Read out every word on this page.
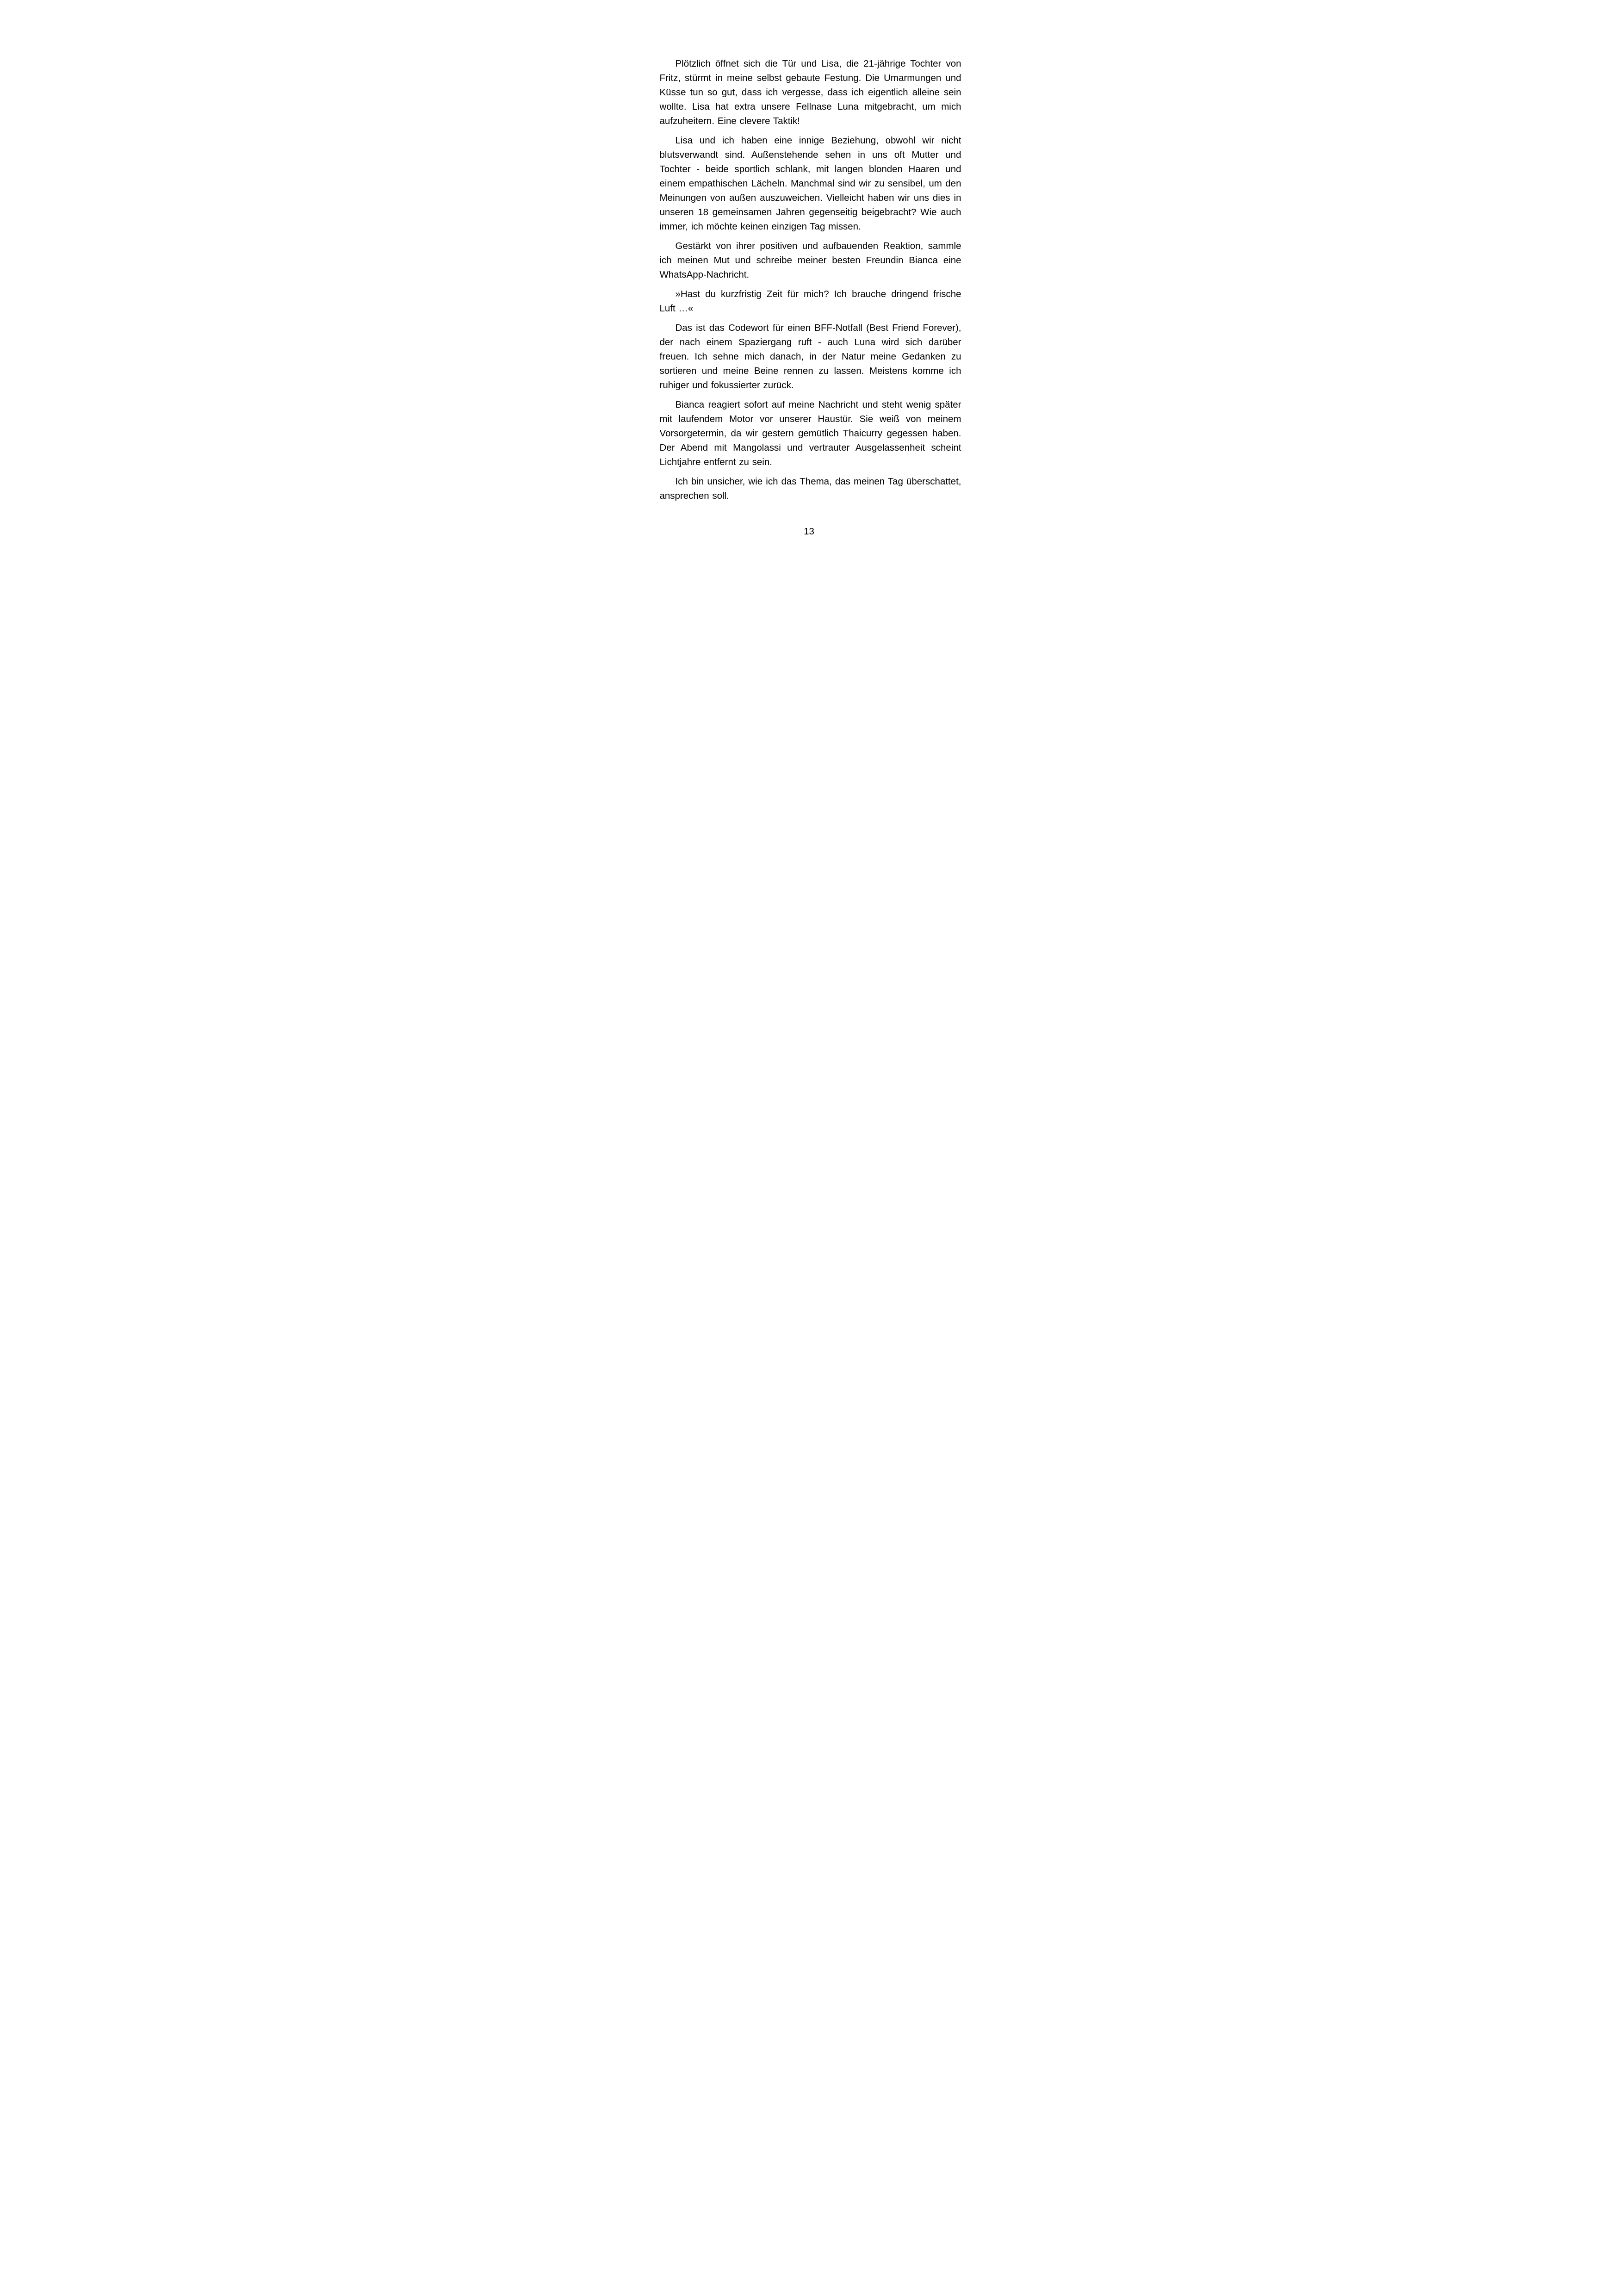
Plötzlich öffnet sich die Tür und Lisa, die 21-jährige Tochter von Fritz, stürmt in meine selbst gebaute Festung. Die Umarmungen und Küsse tun so gut, dass ich vergesse, dass ich eigentlich alleine sein wollte. Lisa hat extra unsere Fellnase Luna mitgebracht, um mich aufzuheitern. Eine clevere Taktik!

Lisa und ich haben eine innige Beziehung, obwohl wir nicht blutsverwandt sind. Außenstehende sehen in uns oft Mutter und Tochter - beide sportlich schlank, mit langen blonden Haaren und einem empathischen Lächeln. Manchmal sind wir zu sensibel, um den Meinungen von außen auszuweichen. Vielleicht haben wir uns dies in unseren 18 gemeinsamen Jahren gegenseitig beigebracht? Wie auch immer, ich möchte keinen einzigen Tag missen.

Gestärkt von ihrer positiven und aufbauenden Reaktion, sammle ich meinen Mut und schreibe meiner besten Freundin Bianca eine WhatsApp-Nachricht.

»Hast du kurzfristig Zeit für mich? Ich brauche dringend frische Luft …«

Das ist das Codewort für einen BFF-Notfall (Best Friend Forever), der nach einem Spaziergang ruft - auch Luna wird sich darüber freuen. Ich sehne mich danach, in der Natur meine Gedanken zu sortieren und meine Beine rennen zu lassen. Meistens komme ich ruhiger und fokussierter zurück.

Bianca reagiert sofort auf meine Nachricht und steht wenig später mit laufendem Motor vor unserer Haustür. Sie weiß von meinem Vorsorgetermin, da wir gestern gemütlich Thaicurry gegessen haben. Der Abend mit Mangolassi und vertrauter Ausgelassenheit scheint Lichtjahre entfernt zu sein.

Ich bin unsicher, wie ich das Thema, das meinen Tag überschattet, ansprechen soll.

13
